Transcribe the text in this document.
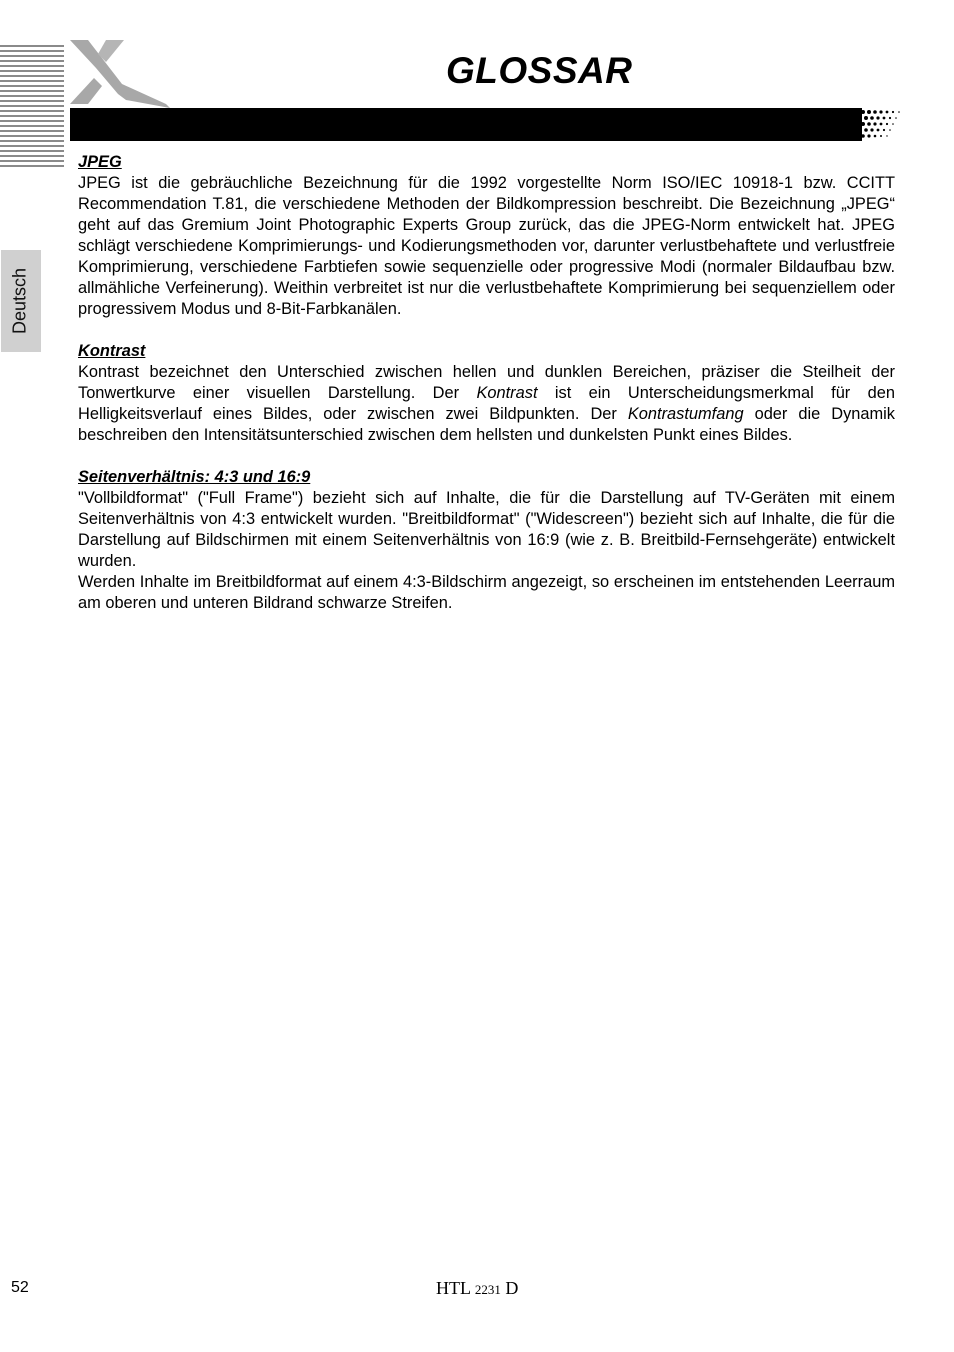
GLOSSAR
Deutsch
JPEG

JPEG ist die gebräuchliche Bezeichnung für die 1992 vorgestellte Norm ISO/IEC 10918-1 bzw. CCITT Recommendation T.81, die verschiedene Methoden der Bildkompression beschreibt. Die Bezeichnung „JPEG“ geht auf das Gremium Joint Photographic Experts Group zurück, das die JPEG-Norm entwickelt hat. JPEG schlägt verschiedene Komprimierungs- und Kodierungsmethoden vor, darunter verlustbehaftete und verlustfreie Komprimierung, verschiedene Farbtiefen sowie sequenzielle oder progressive Modi (normaler Bildaufbau bzw. allmähliche Verfeinerung). Weithin verbreitet ist nur die verlustbehaftete Komprimierung bei sequenziellem oder progressivem Modus und 8-Bit-Farbkanälen.

Kontrast

Kontrast bezeichnet den Unterschied zwischen hellen und dunklen Bereichen, präziser die Steilheit der Tonwertkurve einer visuellen Darstellung. Der Kontrast ist ein Unterscheidungsmerkmal für den Helligkeitsverlauf eines Bildes, oder zwischen zwei Bildpunkten. Der Kontrastumfang oder die Dynamik beschreiben den Intensitätsunterschied zwischen dem hellsten und dunkelsten Punkt eines Bildes.

Seitenverhältnis: 4:3 und 16:9

"Vollbildformat" ("Full Frame") bezieht sich auf Inhalte, die für die Darstellung auf TV-Geräten mit einem Seitenverhältnis von 4:3 entwickelt wurden. "Breitbildformat" ("Widescreen") bezieht sich auf Inhalte, die für die Darstellung auf Bildschirmen mit einem Seitenverhältnis von 16:9 (wie z. B. Breitbild-Fernsehgeräte) entwickelt wurden.

Werden Inhalte im Breitbildformat auf einem 4:3-Bildschirm angezeigt, so erscheinen im entstehenden Leerraum am oberen und unteren Bildrand schwarze Streifen.

52	HTL 2231 D
